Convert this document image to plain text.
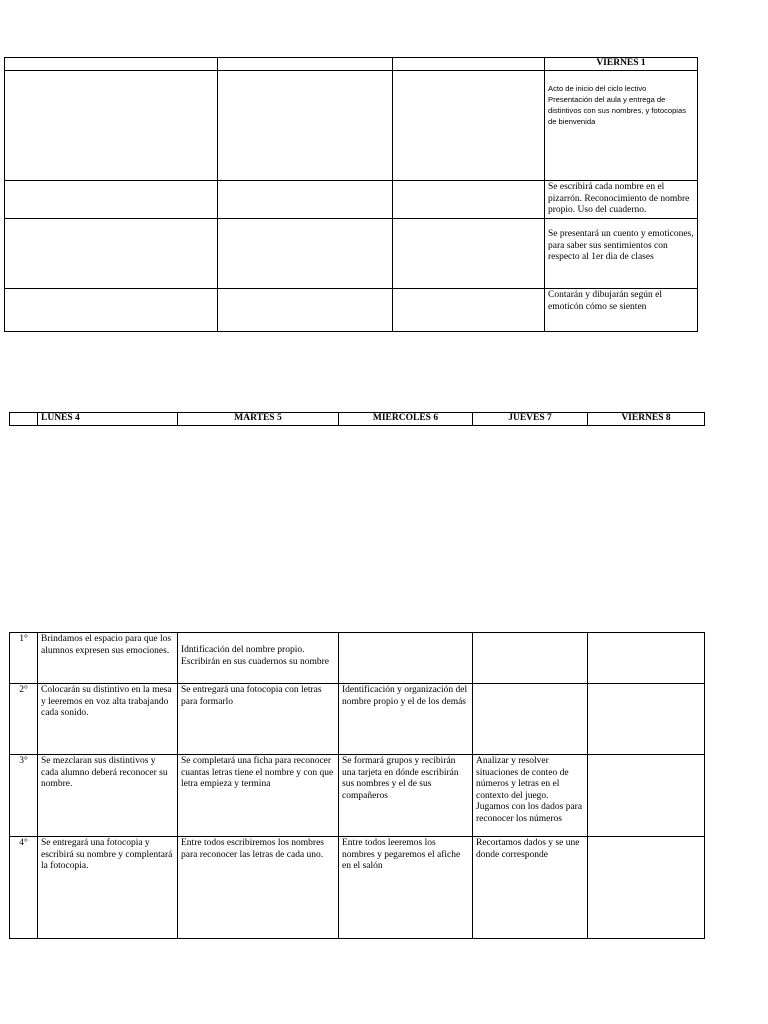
			VIERNES 1
			Acto de inicio del ciclo lectivo
Presentación del aula y entrega de distintivos con sus nombres, y fotocopias de bienvenida
			Se escribirá cada nombre en el pizarrón. Reconocimiento de nombre propio. Uso del cuaderno.
			Se presentará un cuento y emoticones, para saber sus sentimientos con respecto al 1er dia de clases
			Contarán y dibujarán según el emoticón cómo se sienten
	LUNES 4	MARTES 5	MIERCOLES 6	JUEVES 7	VIERNES 8
1°	Brindamos el espacio para que los alumnos expresen sus emociones.	Idntificación del nombre propio. Escribirán en sus cuadernos su nombre			
2°	Colocarán su distintivo en la mesa y leeremos en voz alta trabajando cada sonido.	Se entregará una fotocopia con letras para formarlo	Identificación y organización del nombre propio y el de los demás		
3°	Se mezclaran sus distintivos y cada alumno deberá reconocer su nombre.	Se completará una ficha para reconocer cuantas letras tiene el nombre y con que letra empieza y termina	Se formará grupos y recibirán una tarjeta en dónde escribirán sus nombres y el de sus compañeros	Analizar y resolver situaciones de conteo de números y letras en el contexto del juego. Jugamos con los dados para reconocer los números	
4°	Se entregará una fotocopia y escribirá su nombre y complentará la fotocopia.	Entre todos escribiremos los nombres para reconocer las letras de cada uno.	Entre todos leeremos los nombres y pegaremos el afiche en el salón	Recortamos dados y se une donde corresponde	
